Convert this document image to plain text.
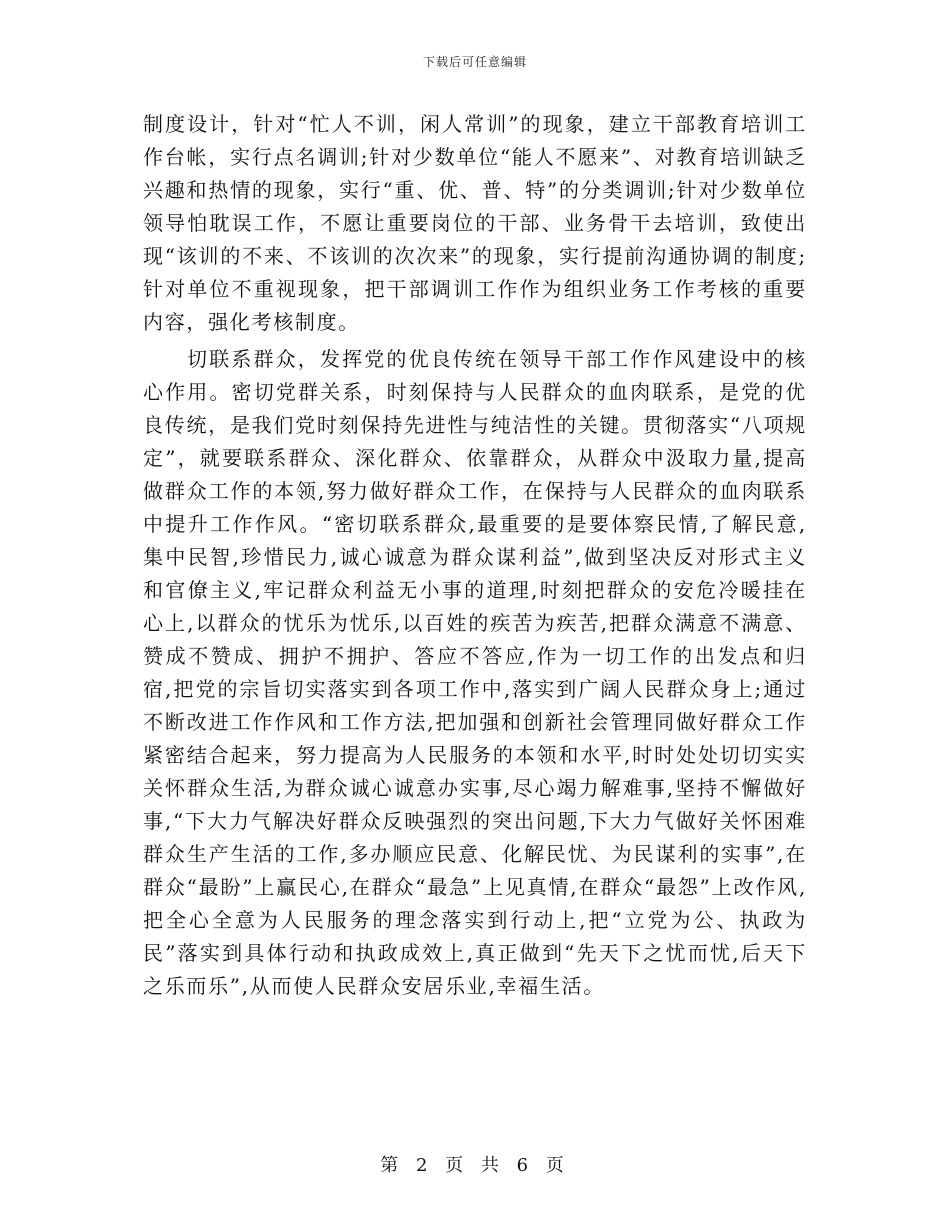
下载后可任意编辑

制度设计，针对“忙人不训，闲人常训”的现象，建立干部教育培训工作台帐，实行点名调训;针对少数单位“能人不愿来”、对教育培训缺乏兴趣和热情的现象，实行“重、优、普、特”的分类调训;针对少数单位领导怕耽误工作，不愿让重要岗位的干部、业务骨干去培训，致使出现“该训的不来、不该训的次次来”的现象，实行提前沟通协调的制度;针对单位不重视现象，把干部调训工作作为组织业务工作考核的重要内容，强化考核制度。

切联系群众，发挥党的优良传统在领导干部工作作风建设中的核心作用。密切党群关系，时刻保持与人民群众的血肉联系，是党的优良传统，是我们党时刻保持先进性与纯洁性的关键。贯彻落实“八项规定”，就要联系群众、深化群众、依靠群众，从群众中汲取力量,提高做群众工作的本领,努力做好群众工作，在保持与人民群众的血肉联系中提升工作作风。“密切联系群众,最重要的是要体察民情,了解民意,集中民智,珍惜民力,诚心诚意为群众谋利益”,做到坚决反对形式主义和官僚主义,牢记群众利益无小事的道理,时刻把群众的安危冷暖挂在心上,以群众的忧乐为忧乐,以百姓的疾苦为疾苦,把群众满意不满意、赞成不赞成、拥护不拥护、答应不答应,作为一切工作的出发点和归宿,把党的宗旨切实落实到各项工作中,落实到广阔人民群众身上;通过不断改进工作作风和工作方法,把加强和创新社会管理同做好群众工作紧密结合起来，努力提高为人民服务的本领和水平,时时处处切切实实关怀群众生活,为群众诚心诚意办实事,尽心竭力解难事,坚持不懈做好事,“下大力气解决好群众反映强烈的突出问题,下大力气做好关怀困难群众生产生活的工作,多办顺应民意、化解民忧、为民谋利的实事”,在群众“最盼”上赢民心,在群众“最急”上见真情,在群众“最怨”上改作风,把全心全意为人民服务的理念落实到行动上,把“立党为公、执政为民”落实到具体行动和执政成效上,真正做到“先天下之忧而忧,后天下之乐而乐”,从而使人民群众安居乐业,幸福生活。

第 2 页 共 6 页
